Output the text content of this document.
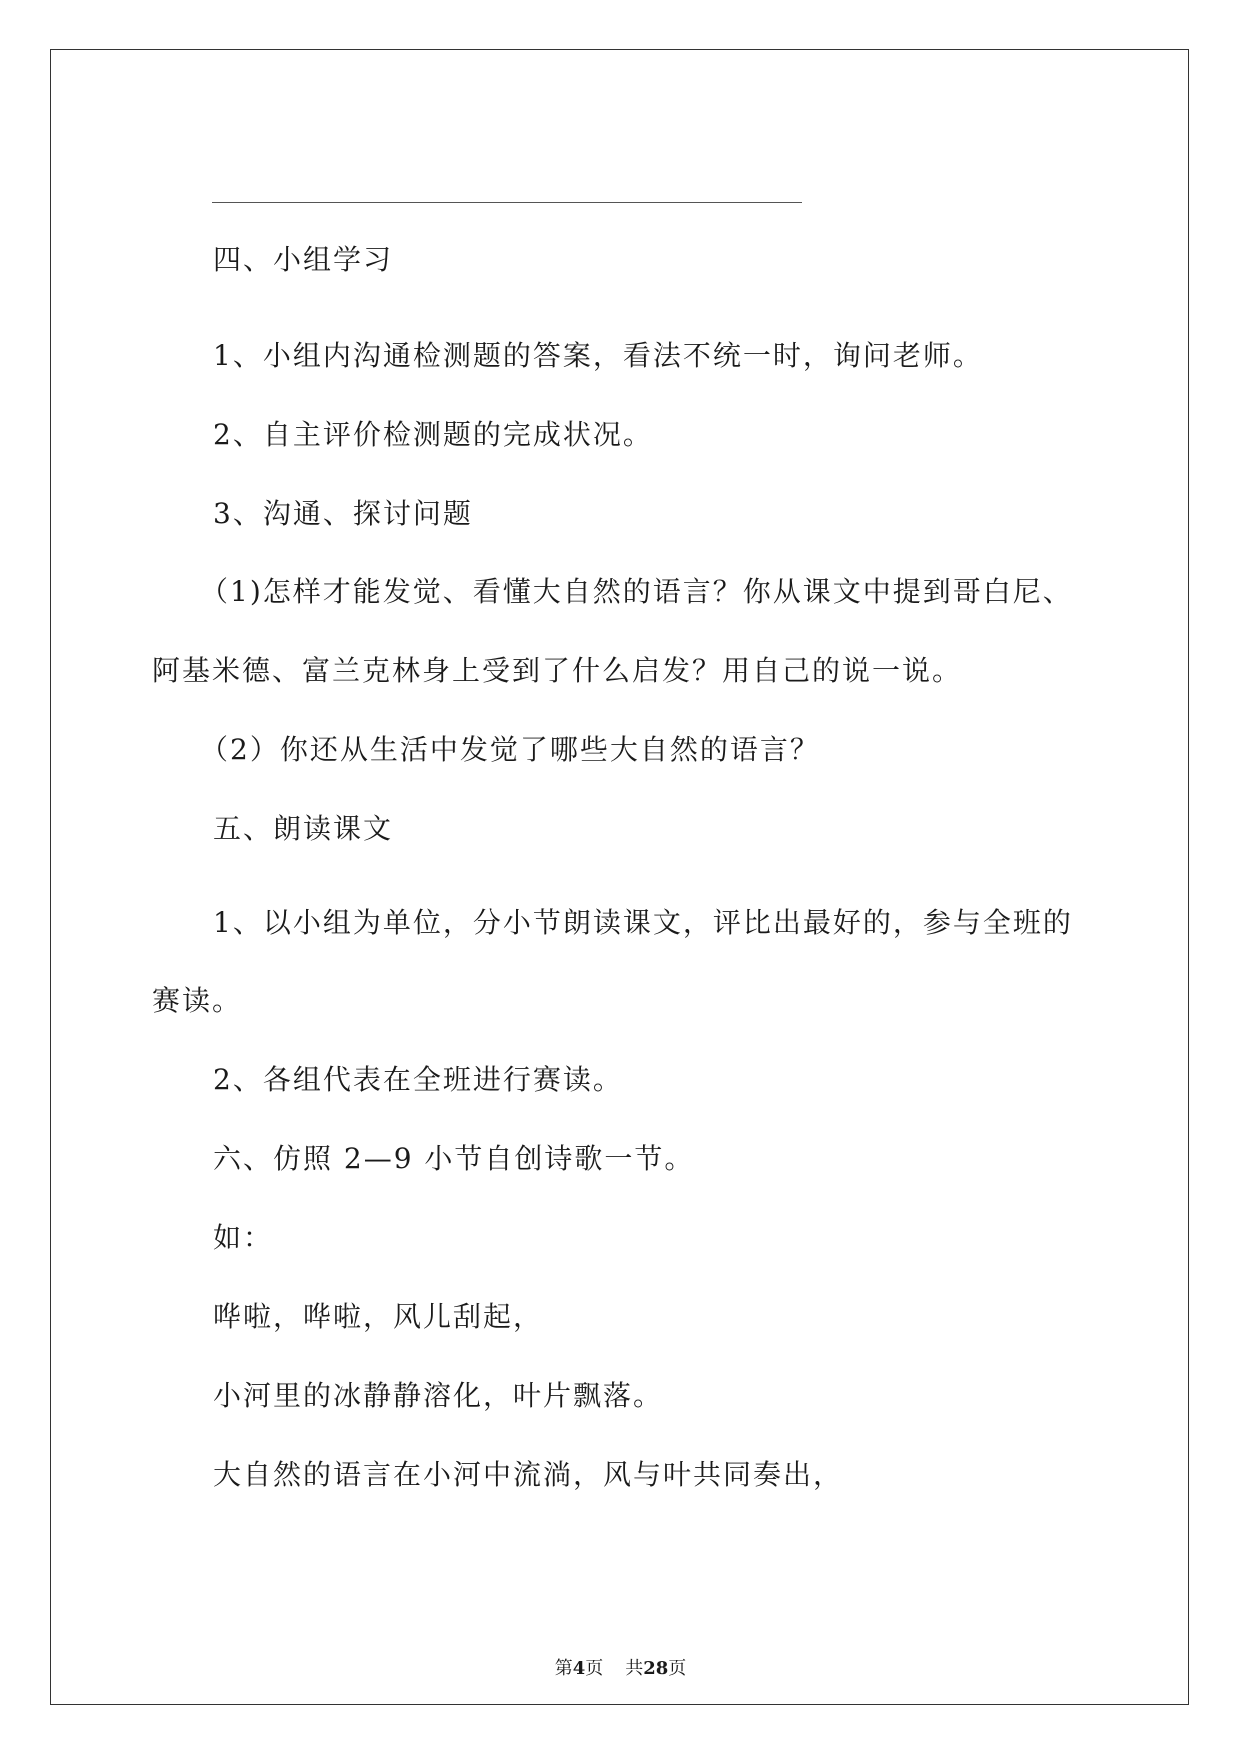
四、小组学习
1、小组内沟通检测题的答案，看法不统一时，询问老师。
2、自主评价检测题的完成状况。
3、沟通、探讨问题
（1)怎样才能发觉、看懂大自然的语言？你从课文中提到哥白尼、
阿基米德、富兰克林身上受到了什么启发？用自己的说一说。
（2）你还从生活中发觉了哪些大自然的语言？
五、朗读课文
1、以小组为单位，分小节朗读课文，评比出最好的，参与全班的
赛读。
2、各组代表在全班进行赛读。
六、仿照 2—9 小节自创诗歌一节。
如：
哗啦，哗啦，风儿刮起，
小河里的冰静静溶化，叶片飘落。
大自然的语言在小河中流淌，风与叶共同奏出，
第4页 共28页
